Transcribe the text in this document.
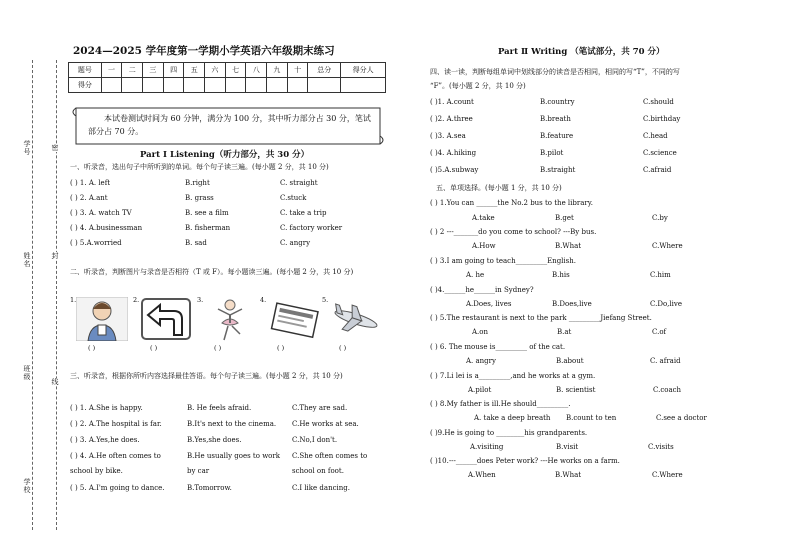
学号
姓名
班级
学校
密
封
线
2024—2025 学年度第一学期小学英语六年级期末练习
题号	一	二	三	四	五	六	七	八	九	十	总分	得分人
得分												
本试卷测试时间为 60 分钟，满分为 100 分，其中听力部分占 30 分，笔试部分占 70 分。
Part Ⅰ Listening（听力部分，共 30 分）
一、听录音，选出句子中所听到的单词。每个句子读三遍。(每小题 2 分，共 10 分)
( ) 1. A. left	B.right	C. straight
( ) 2. A.ant	B. grass	C.stuck
( ) 3. A. watch TV	B. see a film	C. take a trip
( ) 4. A.businessman	B. fisherman	C. factory worker
( ) 5.A.worried	B. sad	C. angry
二、听录音，判断图片与录音是否相符（T 或 F）。每小题读三遍。(每小题 2 分，共 10 分)
1.	2.	3.	4.	5.
( )	( )	( )	( )	( )
三、听录音，根据你所听内容选择最佳答语。每个句子读三遍。(每小题 2 分，共 10 分)
( ) 1. A.She is happy.	B. He feels afraid.	C.They are sad.
( ) 2. A.The hospital is far.	B.It's next to the cinema. C.He works at sea.
( ) 3. A.Yes,he does.	B.Yes,she does.	C.No,I don't.
( ) 4. A.He often comes to	B.He usually goes to work C.She often comes to
school by bike.	by car	school on foot.
( ) 5. A.I'm going to dance.	B.Tomorrow.	C.I like dancing.
Part Ⅱ Writing （笔试部分，共 70 分）
四、读一读，判断每组单词中划线部分的读音是否相同，相同的写“T”，不同的写
“F”。(每小题 2 分，共 10 分)
( )1. A.count	B.country	C.should
( )2. A.three	B.breath	C.birthday
( )3. A.sea	B.feature	C.head
( )4. A.hiking	B.pilot	C.science
( )5.A.subway	B.straight	C.afraid
五、单项选择。(每小题 1 分，共 10 分)
( ) 1.You can ______the No.2 bus to the library.
A.take	B.get	C.by
( ) 2 ---_______do you come to school? ---By bus.
A.How	B.What	C.Where
( ) 3.I am going to teach_________English.
A. he	B.his	C.him
( )4.______he______in Sydney?
A.Does, lives	B.Does,live	C.Do,live
( ) 5.The restaurant is next to the park _________Jiefang Street.
A.on	B.at	C.of
( ) 6. The mouse is_________ of the cat.
A. angry	B.about	C. afraid
( ) 7.Li lei is a_________,and he works at a gym.
A.pilot	B. scientist	C.coach
( ) 8.My father is ill.He should_________.
A. take a deep breath B.count to ten	C.see a doctor
( )9.He is going to ________his grandparents.
A.visiting	B.visit	C.visits
( )10.---______does Peter work? ---He works on a farm.
A.When	B.What	C.Where
